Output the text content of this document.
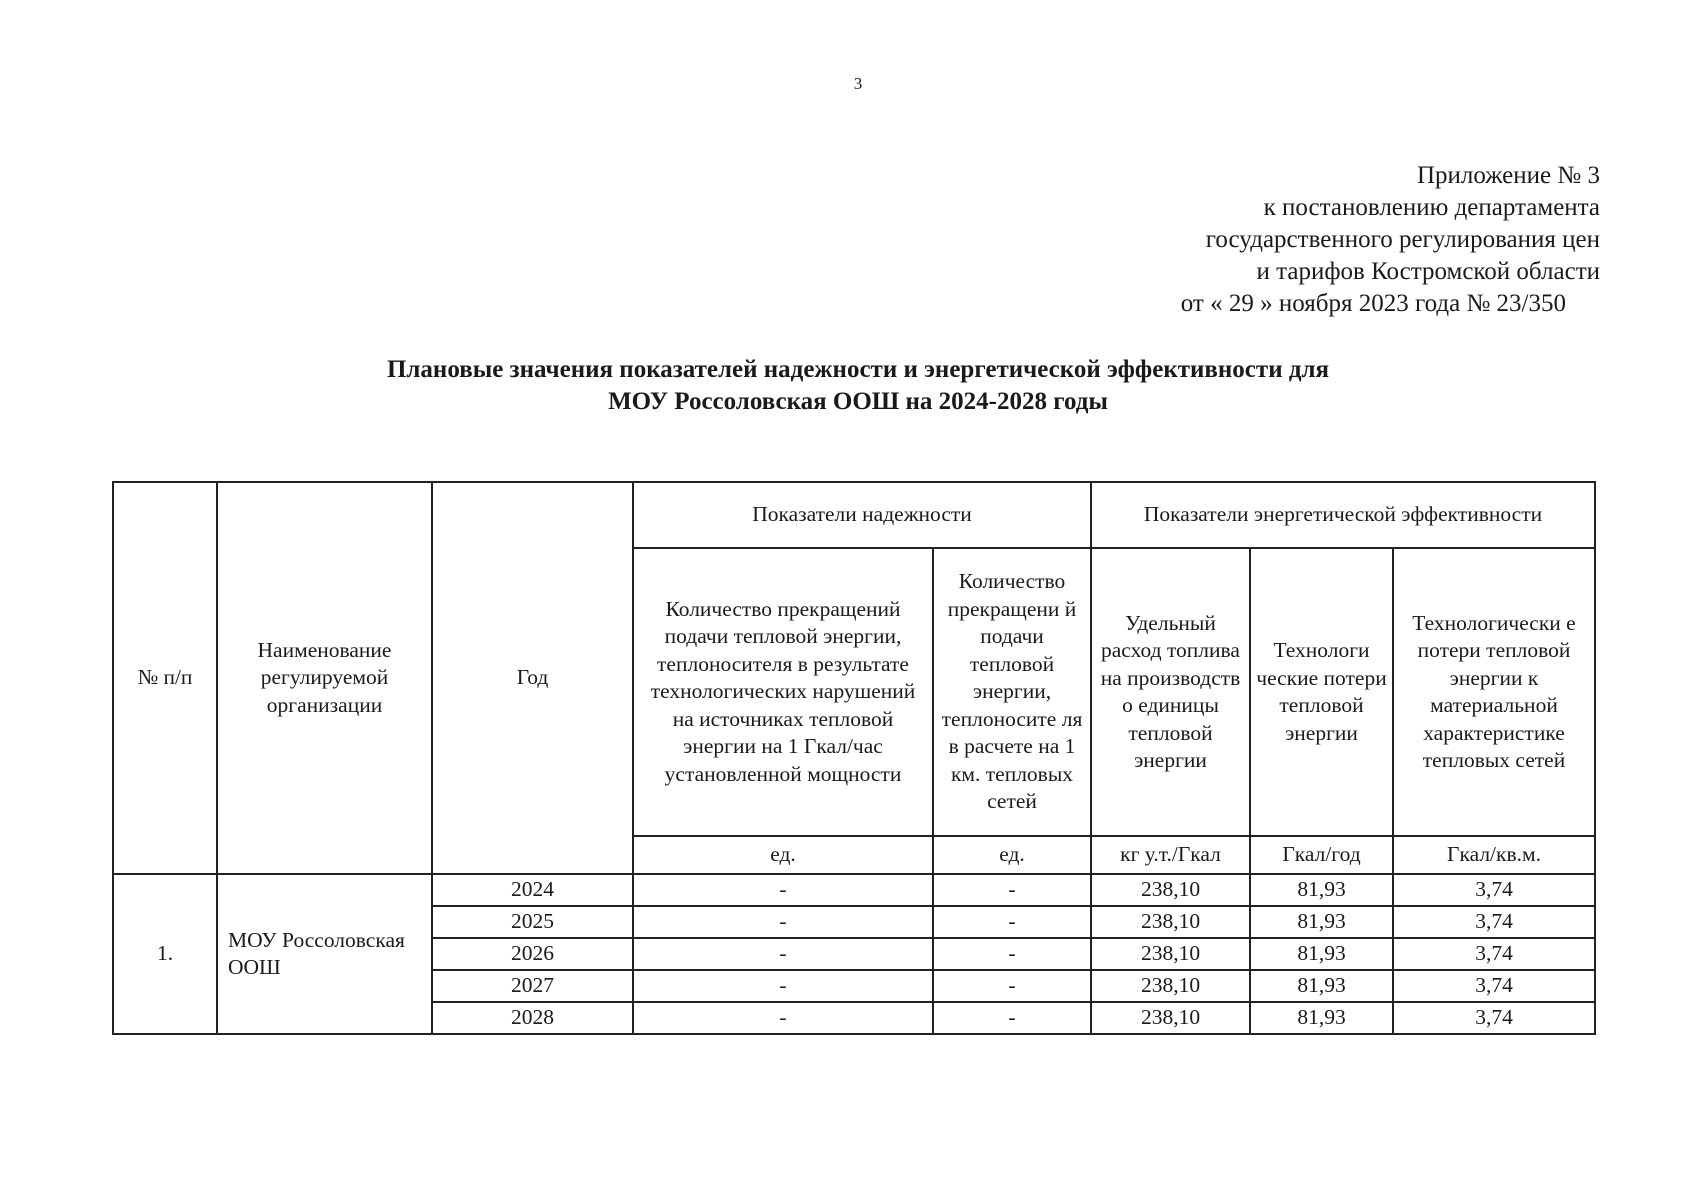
3
Приложение № 3
к постановлению департамента
государственного регулирования цен
и тарифов Костромской области
от « 29 » ноября 2023 года № 23/350
Плановые значения показателей надежности и энергетической эффективности для
МОУ Россоловская ООШ на 2024-2028 годы
№ п/п	Наименование регулируемой организации	Год	Показатели надежности		Показатели энергетической эффективности		
			Количество прекращений подачи тепловой энергии, теплоносителя в результате технологических нарушений на источниках тепловой энергии на 1 Гкал/час установленной мощности	Количество прекращени й подачи тепловой энергии, теплоносите ля в расчете на 1 км. тепловых сетей	Удельный расход топлива на производств о единицы тепловой энергии	Технологи ческие потери тепловой энергии	Технологически е потери тепловой энергии к материальной характеристике тепловых сетей
			ед.	ед.	кг у.т./Гкал	Гкал/год	Гкал/кв.м.
1.	МОУ Россоловская ООШ	2024	-	-	238,10	81,93	3,74
		2025	-	-	238,10	81,93	3,74
		2026	-	-	238,10	81,93	3,74
		2027	-	-	238,10	81,93	3,74
		2028	-	-	238,10	81,93	3,74
